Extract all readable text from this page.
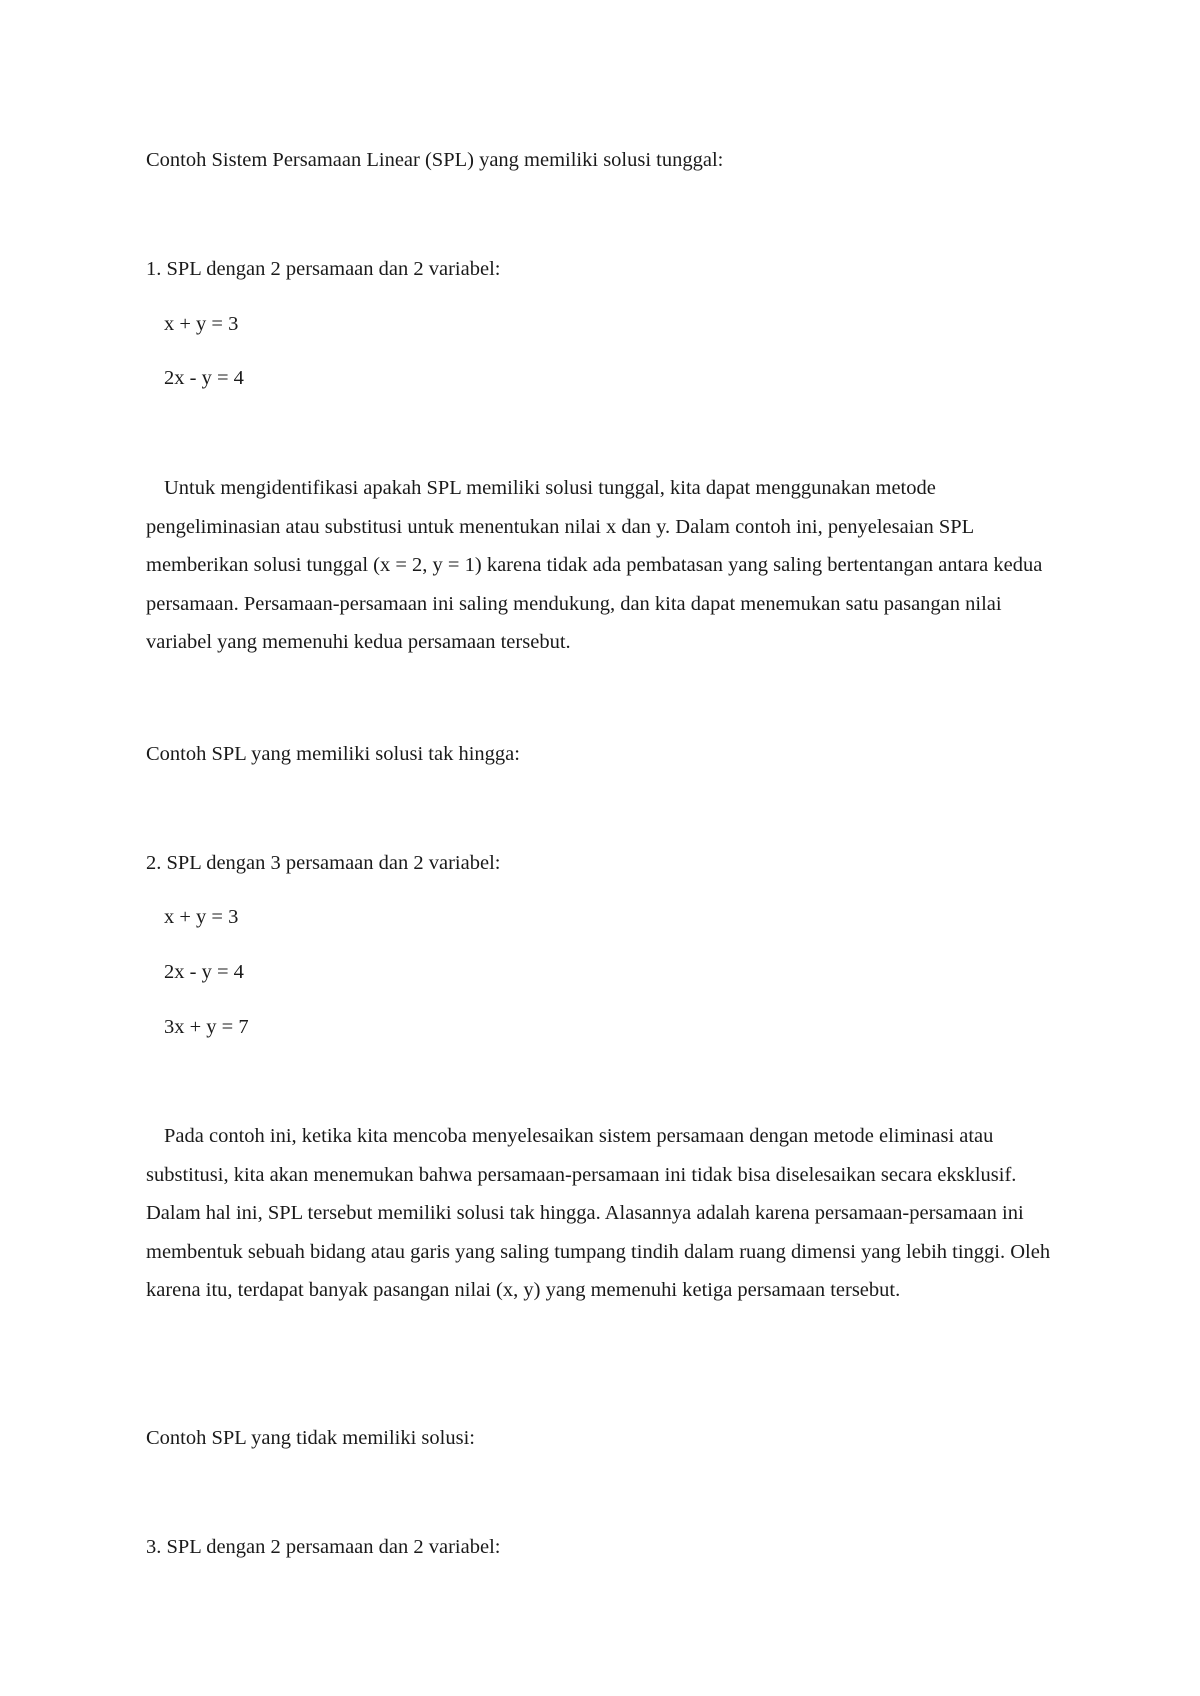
Contoh Sistem Persamaan Linear (SPL) yang memiliki solusi tunggal:
1. SPL dengan 2 persamaan dan 2 variabel:
x + y = 3
2x - y = 4
Untuk mengidentifikasi apakah SPL memiliki solusi tunggal, kita dapat menggunakan metode pengeliminasian atau substitusi untuk menentukan nilai x dan y. Dalam contoh ini, penyelesaian SPL memberikan solusi tunggal (x = 2, y = 1) karena tidak ada pembatasan yang saling bertentangan antara kedua persamaan. Persamaan-persamaan ini saling mendukung, dan kita dapat menemukan satu pasangan nilai variabel yang memenuhi kedua persamaan tersebut.
Contoh SPL yang memiliki solusi tak hingga:
2. SPL dengan 3 persamaan dan 2 variabel:
x + y = 3
2x - y = 4
3x + y = 7
Pada contoh ini, ketika kita mencoba menyelesaikan sistem persamaan dengan metode eliminasi atau substitusi, kita akan menemukan bahwa persamaan-persamaan ini tidak bisa diselesaikan secara eksklusif. Dalam hal ini, SPL tersebut memiliki solusi tak hingga. Alasannya adalah karena persamaan-persamaan ini membentuk sebuah bidang atau garis yang saling tumpang tindih dalam ruang dimensi yang lebih tinggi. Oleh karena itu, terdapat banyak pasangan nilai (x, y) yang memenuhi ketiga persamaan tersebut.
Contoh SPL yang tidak memiliki solusi:
3. SPL dengan 2 persamaan dan 2 variabel:
